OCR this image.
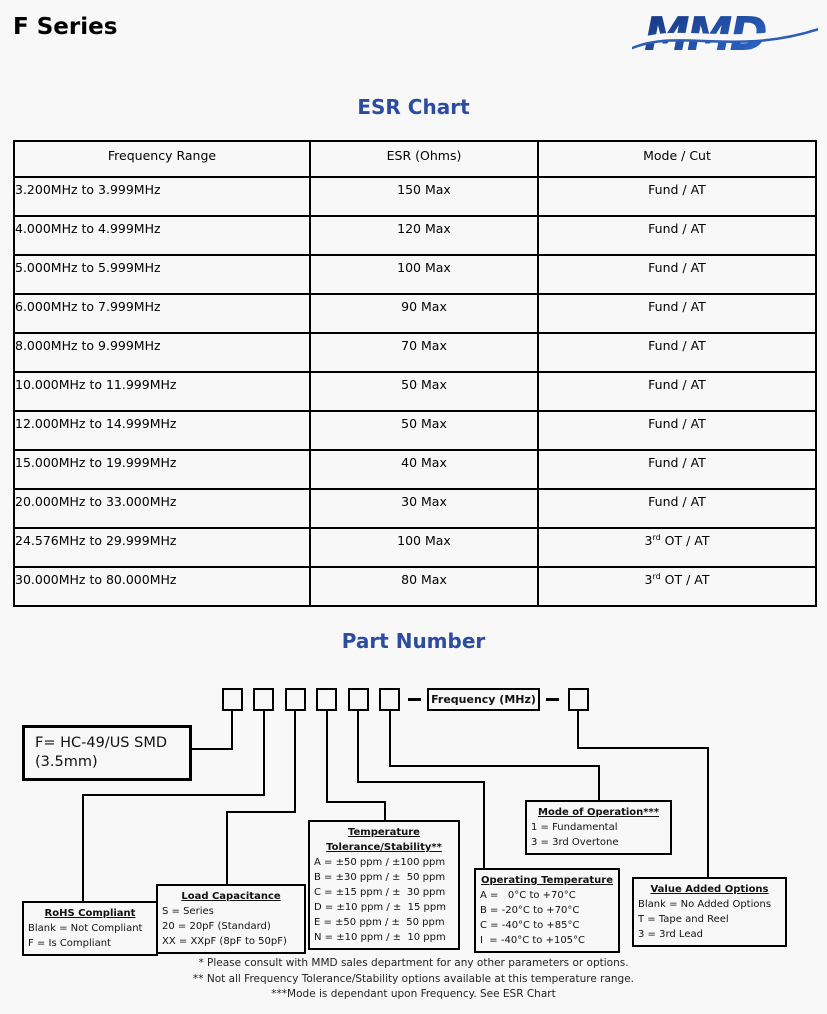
F Series	MMD
ESR Chart
Frequency Range	ESR (Ohms)	Mode / Cut
3.200MHz to 3.999MHz	150 Max	Fund / AT
4.000MHz to 4.999MHz	120 Max	Fund / AT
5.000MHz to 5.999MHz	100 Max	Fund / AT
6.000MHz to 7.999MHz	90 Max	Fund / AT
8.000MHz to 9.999MHz	70 Max	Fund / AT
10.000MHz to 11.999MHz	50 Max	Fund / AT
12.000MHz to 14.999MHz	50 Max	Fund / AT
15.000MHz to 19.999MHz	40 Max	Fund / AT
20.000MHz to 33.000MHz	30 Max	Fund / AT
24.576MHz to 29.999MHz	100 Max	3rd OT / AT
30.000MHz to 80.000MHz	80 Max	3rd OT / AT
Part Number
Frequency (MHz)
F= HC-49/US SMD
(3.5mm)
RoHS Compliant
Blank = Not Compliant
F = Is Compliant
Load Capacitance
S = Series
20 = 20pF (Standard)
XX = XXpF (8pF to 50pF)
Temperature
Tolerance/Stability**
A = ±50 ppm / ±100 ppm
B = ±30 ppm / ±  50 ppm
C = ±15 ppm / ±  30 ppm
D = ±10 ppm / ±  15 ppm
E = ±50 ppm / ±  50 ppm
N = ±10 ppm / ±  10 ppm
Operating Temperature
A =   0°C to +70°C
B = -20°C to +70°C
C = -40°C to +85°C
I  = -40°C to +105°C
Mode of Operation***
1 = Fundamental
3 = 3rd Overtone
Value Added Options
Blank = No Added Options
T = Tape and Reel
3 = 3rd Lead
* Please consult with MMD sales department for any other parameters or options.
** Not all Frequency Tolerance/Stability options available at this temperature range.
***Mode is dependant upon Frequency. See ESR Chart
